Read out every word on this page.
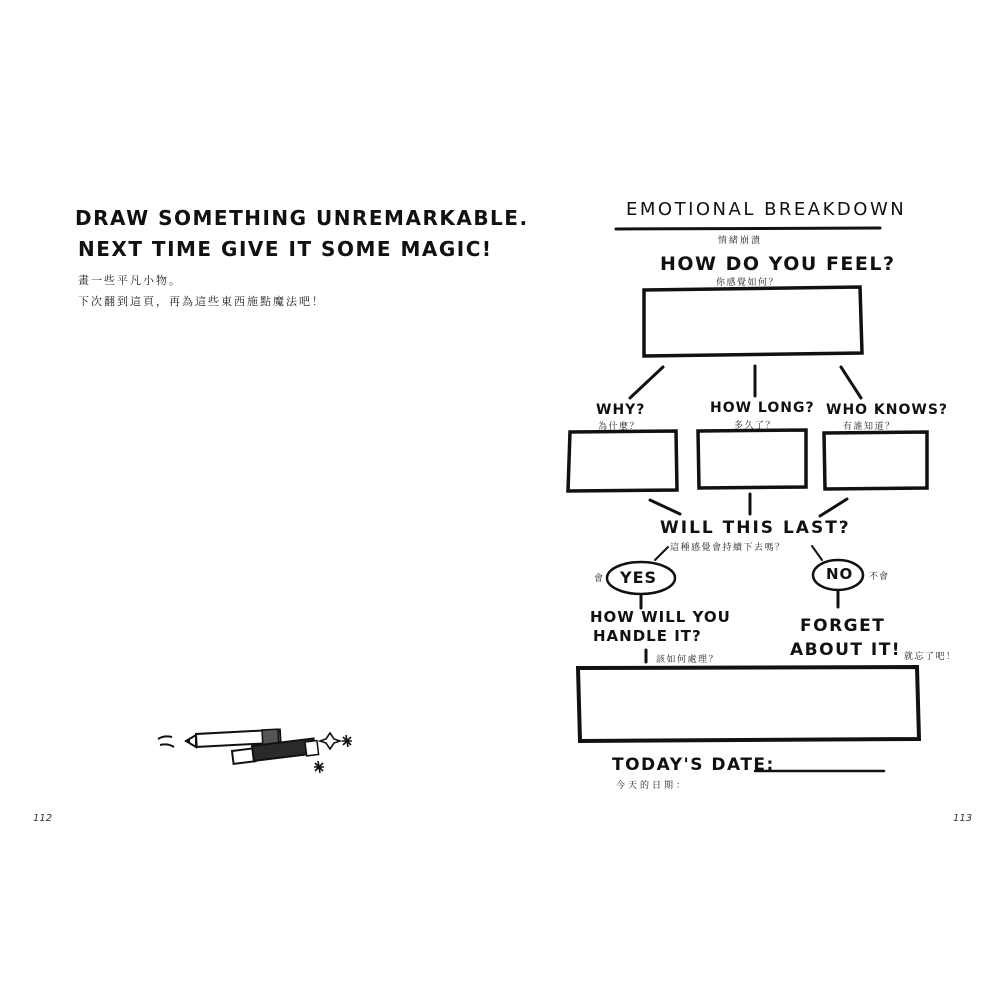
DRAW SOMETHING UNREMARKABLE.
NEXT TIME GIVE IT SOME MAGIC!
畫一些平凡小物。
下次翻到這頁，再為這些東西施點魔法吧！
112
EMOTIONAL BREAKDOWN
情緒崩潰
HOW DO YOU FEEL?
你感覺如何？
WHY?
為什麼？
HOW LONG?
多久了？
WHO KNOWS?
有誰知道？
WILL THIS LAST?
這種感覺會持續下去嗎？
會 YES	NO 不會
HOW WILL YOU
HANDLE IT?
該如何處理？
FORGET
ABOUT IT! 就忘了吧！
TODAY'S DATE:
今天的日期：
113
